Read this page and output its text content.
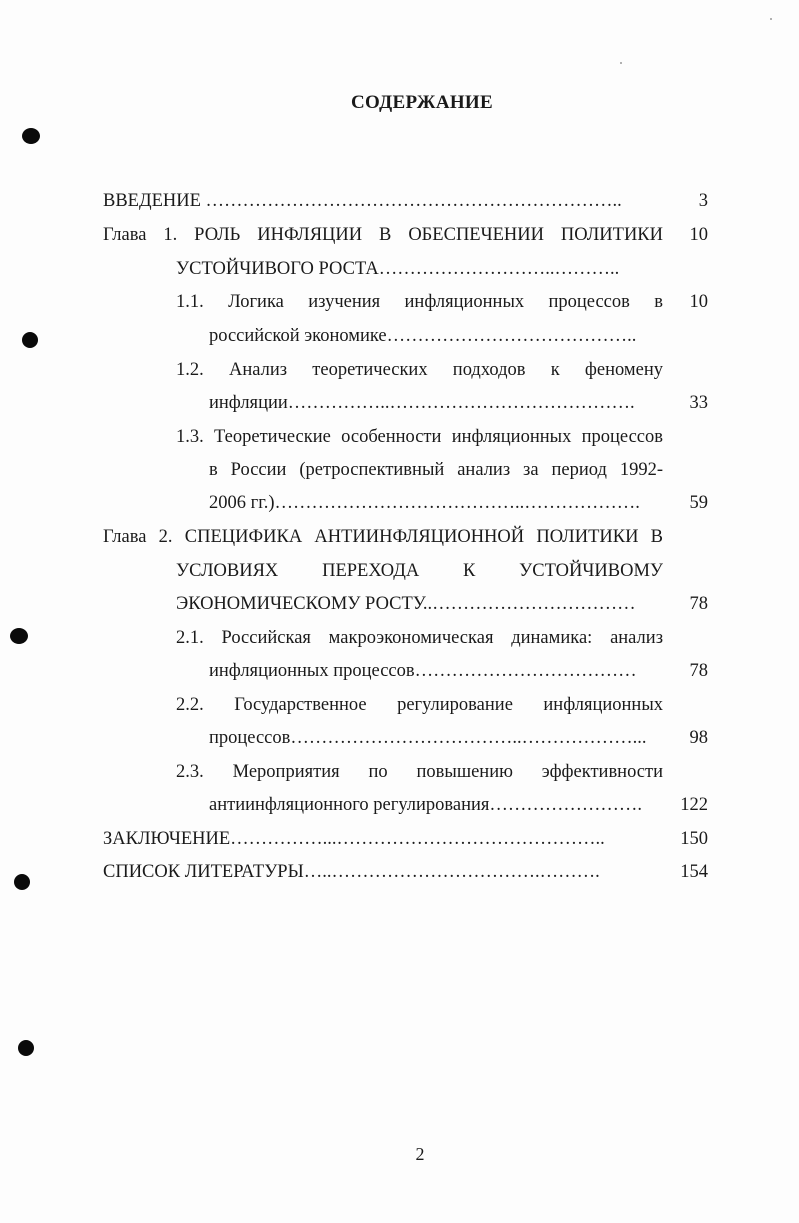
СОДЕРЖАНИЕ
ВВЕДЕНИЕ …………………………………………………………..	3
Глава 1. РОЛЬ ИНФЛЯЦИИ В ОБЕСПЕЧЕНИИ ПОЛИТИКИ	10
УСТОЙЧИВОГО РОСТА………………………..………..
1.1. Логика изучения инфляционных процессов в	10
российской экономике…………………………………..
1.2. Анализ теоретических подходов к феномену
инфляции……………..………………………………….	33
1.3. Теоретические особенности инфляционных процессов
в России (ретроспективный анализ за период 1992-
2006 гг.)…………………………………..……………….	59
Глава 2. СПЕЦИФИКА АНТИИНФЛЯЦИОННОЙ ПОЛИТИКИ В
УСЛОВИЯХ ПЕРЕХОДА К УСТОЙЧИВОМУ
ЭКОНОМИЧЕСКОМУ РОСТУ..……………………………	78
2.1. Российская макроэкономическая динамика: анализ
инфляционных процессов………………………………	78
2.2. Государственное регулирование инфляционных
процессов………………………………..………………...	98
2.3. Мероприятия по повышению эффективности
антиинфляционного регулирования…………………….	122
ЗАКЛЮЧЕНИЕ……………...……………………………………..	150
СПИСОК ЛИТЕРАТУРЫ…..…………………………….……….	154
2
